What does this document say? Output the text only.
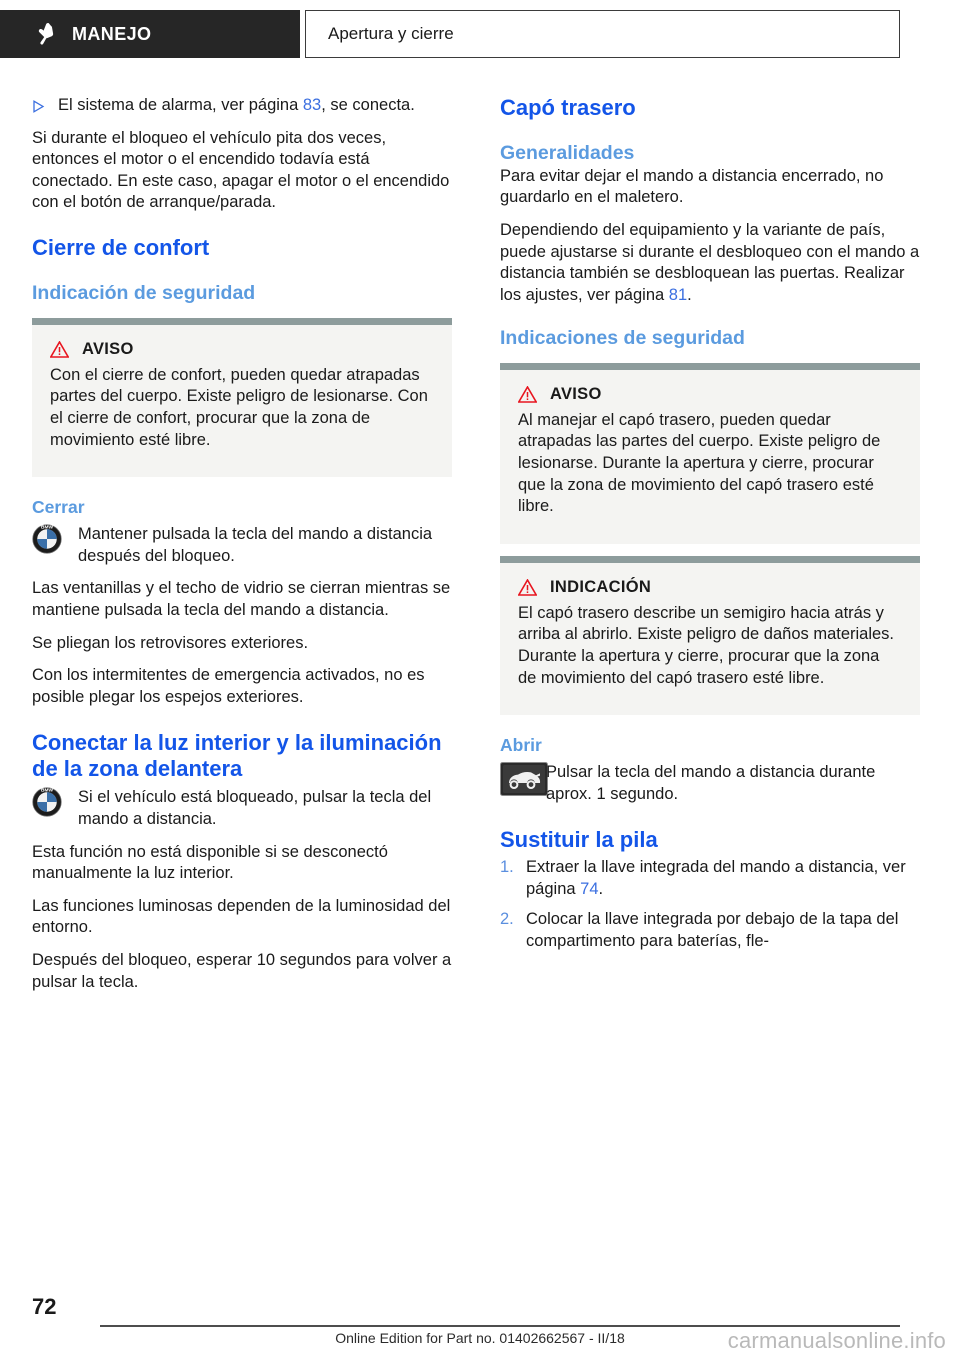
MANEJO	Apertura y cierre
El sistema de alarma, ver página 83, se conecta.

Si durante el bloqueo el vehículo pita dos veces, entonces el motor o el encendido todavía está conectado. En este caso, apagar el motor o el encendido con el botón de arranque/parada.

Cierre de confort
Indicación de seguridad
AVISO

Con el cierre de confort, pueden quedar atrapadas partes del cuerpo. Existe peligro de lesionarse. Con el cierre de confort, procurar que la zona de movimiento esté libre.

Cerrar
BMW Mantener pulsada la tecla del mando a distancia después del bloqueo.

Las ventanillas y el techo de vidrio se cierran mientras se mantiene pulsada la tecla del mando a distancia.

Se pliegan los retrovisores exteriores.

Con los intermitentes de emergencia activados, no es posible plegar los espejos exteriores.

Conectar la luz interior y la iluminación de la zona delantera
BMW Si el vehículo está bloqueado, pulsar la tecla del mando a distancia.

Esta función no está disponible si se desconectó manualmente la luz interior.

Las funciones luminosas dependen de la luminosidad del entorno.

Después del bloqueo, esperar 10 segundos para volver a pulsar la tecla.

Capó trasero
Generalidades

Para evitar dejar el mando a distancia encerrado, no guardarlo en el maletero.

Dependiendo del equipamiento y la variante de país, puede ajustarse si durante el desbloqueo con el mando a distancia también se desbloquean las puertas. Realizar los ajustes, ver página 81.

Indicaciones de seguridad
AVISO

Al manejar el capó trasero, pueden quedar atrapadas las partes del cuerpo. Existe peligro de lesionarse. Durante la apertura y cierre, procurar que la zona de movimiento del capó trasero esté libre.

INDICACIÓN

El capó trasero describe un semigiro hacia atrás y arriba al abrirlo. Existe peligro de daños materiales. Durante la apertura y cierre, procurar que la zona de movimiento del capó trasero esté libre.

Abrir
Pulsar la tecla del mando a distancia durante aprox. 1 segundo.
Sustituir la pila
1. Extraer la llave integrada del mando a distancia, ver página 74.
2. Colocar la llave integrada por debajo de la tapa del compartimento para baterías, fle-
72
Online Edition for Part no. 01402662567 - II/18	carmanualsonline.info
